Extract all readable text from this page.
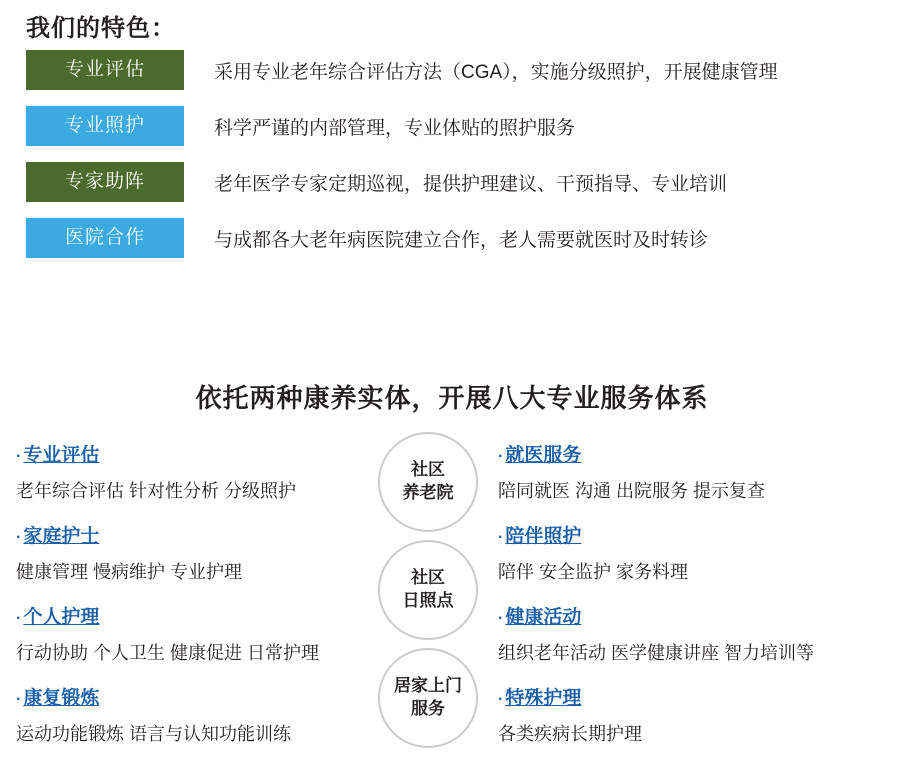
我们的特色：
专业评估	采用专业老年综合评估方法（CGA），实施分级照护，开展健康管理
专业照护	科学严谨的内部管理，专业体贴的照护服务
专家助阵	老年医学专家定期巡视，提供护理建议、干预指导、专业培训
医院合作	与成都各大老年病医院建立合作，老人需要就医时及时转诊
依托两种康养实体，开展八大专业服务体系
· 专业评估
老年综合评估 针对性分析 分级照护
· 家庭护士
健康管理 慢病维护 专业护理
· 个人护理
行动协助 个人卫生 健康促进 日常护理
· 康复锻炼
运动功能锻炼 语言与认知功能训练
社区
养老院
社区
日照点
居家上门
服务
· 就医服务
陪同就医 沟通 出院服务 提示复查
· 陪伴照护
陪伴 安全监护 家务料理
· 健康活动
组织老年活动 医学健康讲座 智力培训等
· 特殊护理
各类疾病长期护理
